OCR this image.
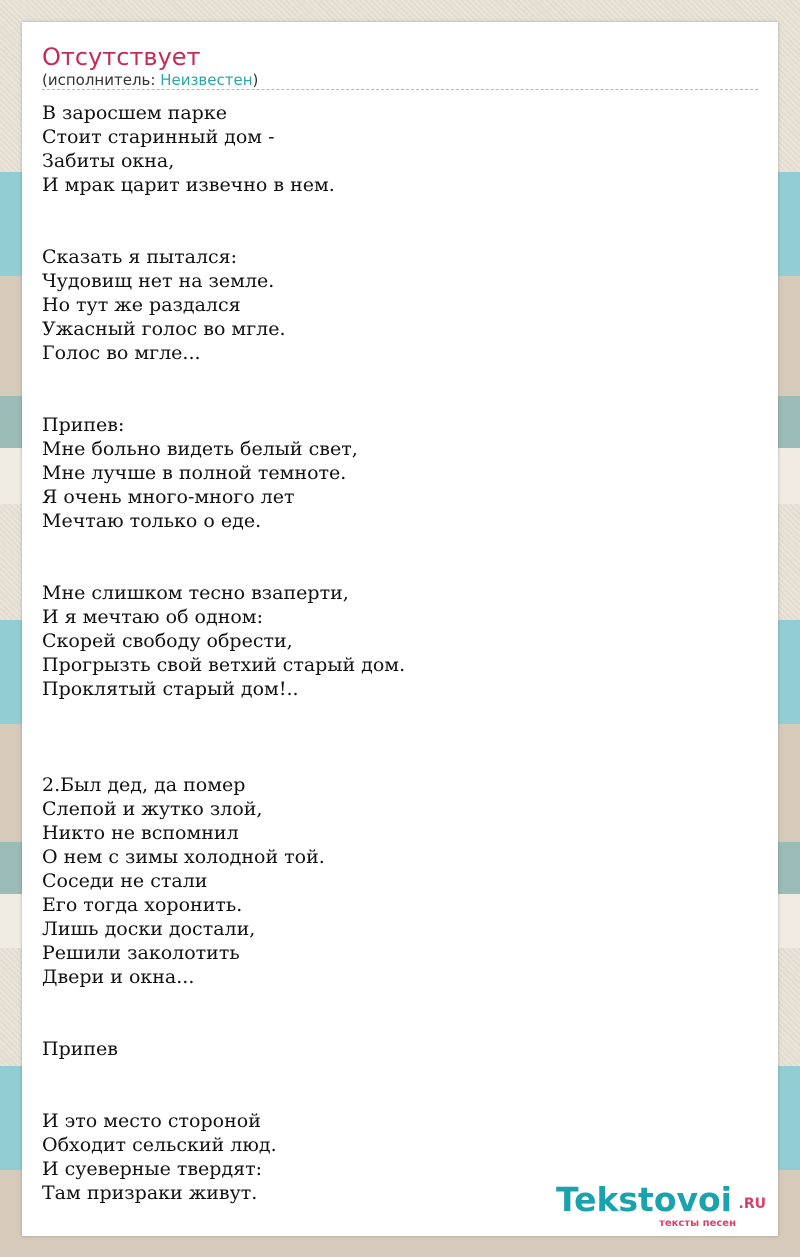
Отсутствует
(исполнитель: Неизвестен)
В заросшем парке
Стоит старинный дом -
Забиты окна,
И мрак царит извечно в нем.
Сказать я пытался:
Чудовищ нет на земле.
Но тут же раздался
Ужасный голос во мгле.
Голос во мгле...
Припев:
Мне больно видеть белый свет,
Мне лучше в полной темноте.
Я очень много-много лет
Мечтаю только о еде.
Мне слишком тесно взаперти,
И я мечтаю об одном:
Скорей свободу обрести,
Прогрызть свой ветхий старый дом.
Проклятый старый дом!..
2.Был дед, да помер
Слепой и жутко злой,
Никто не вспомнил
О нем с зимы холодной той.
Соседи не стали
Его тогда хоронить.
Лишь доски достали,
Решили заколотить
Двери и окна...
Припев
И это место стороной
Обходит сельский люд.
И суеверные твердят:
Там призраки живут.	Tekstovoi .RU
тексты песен
